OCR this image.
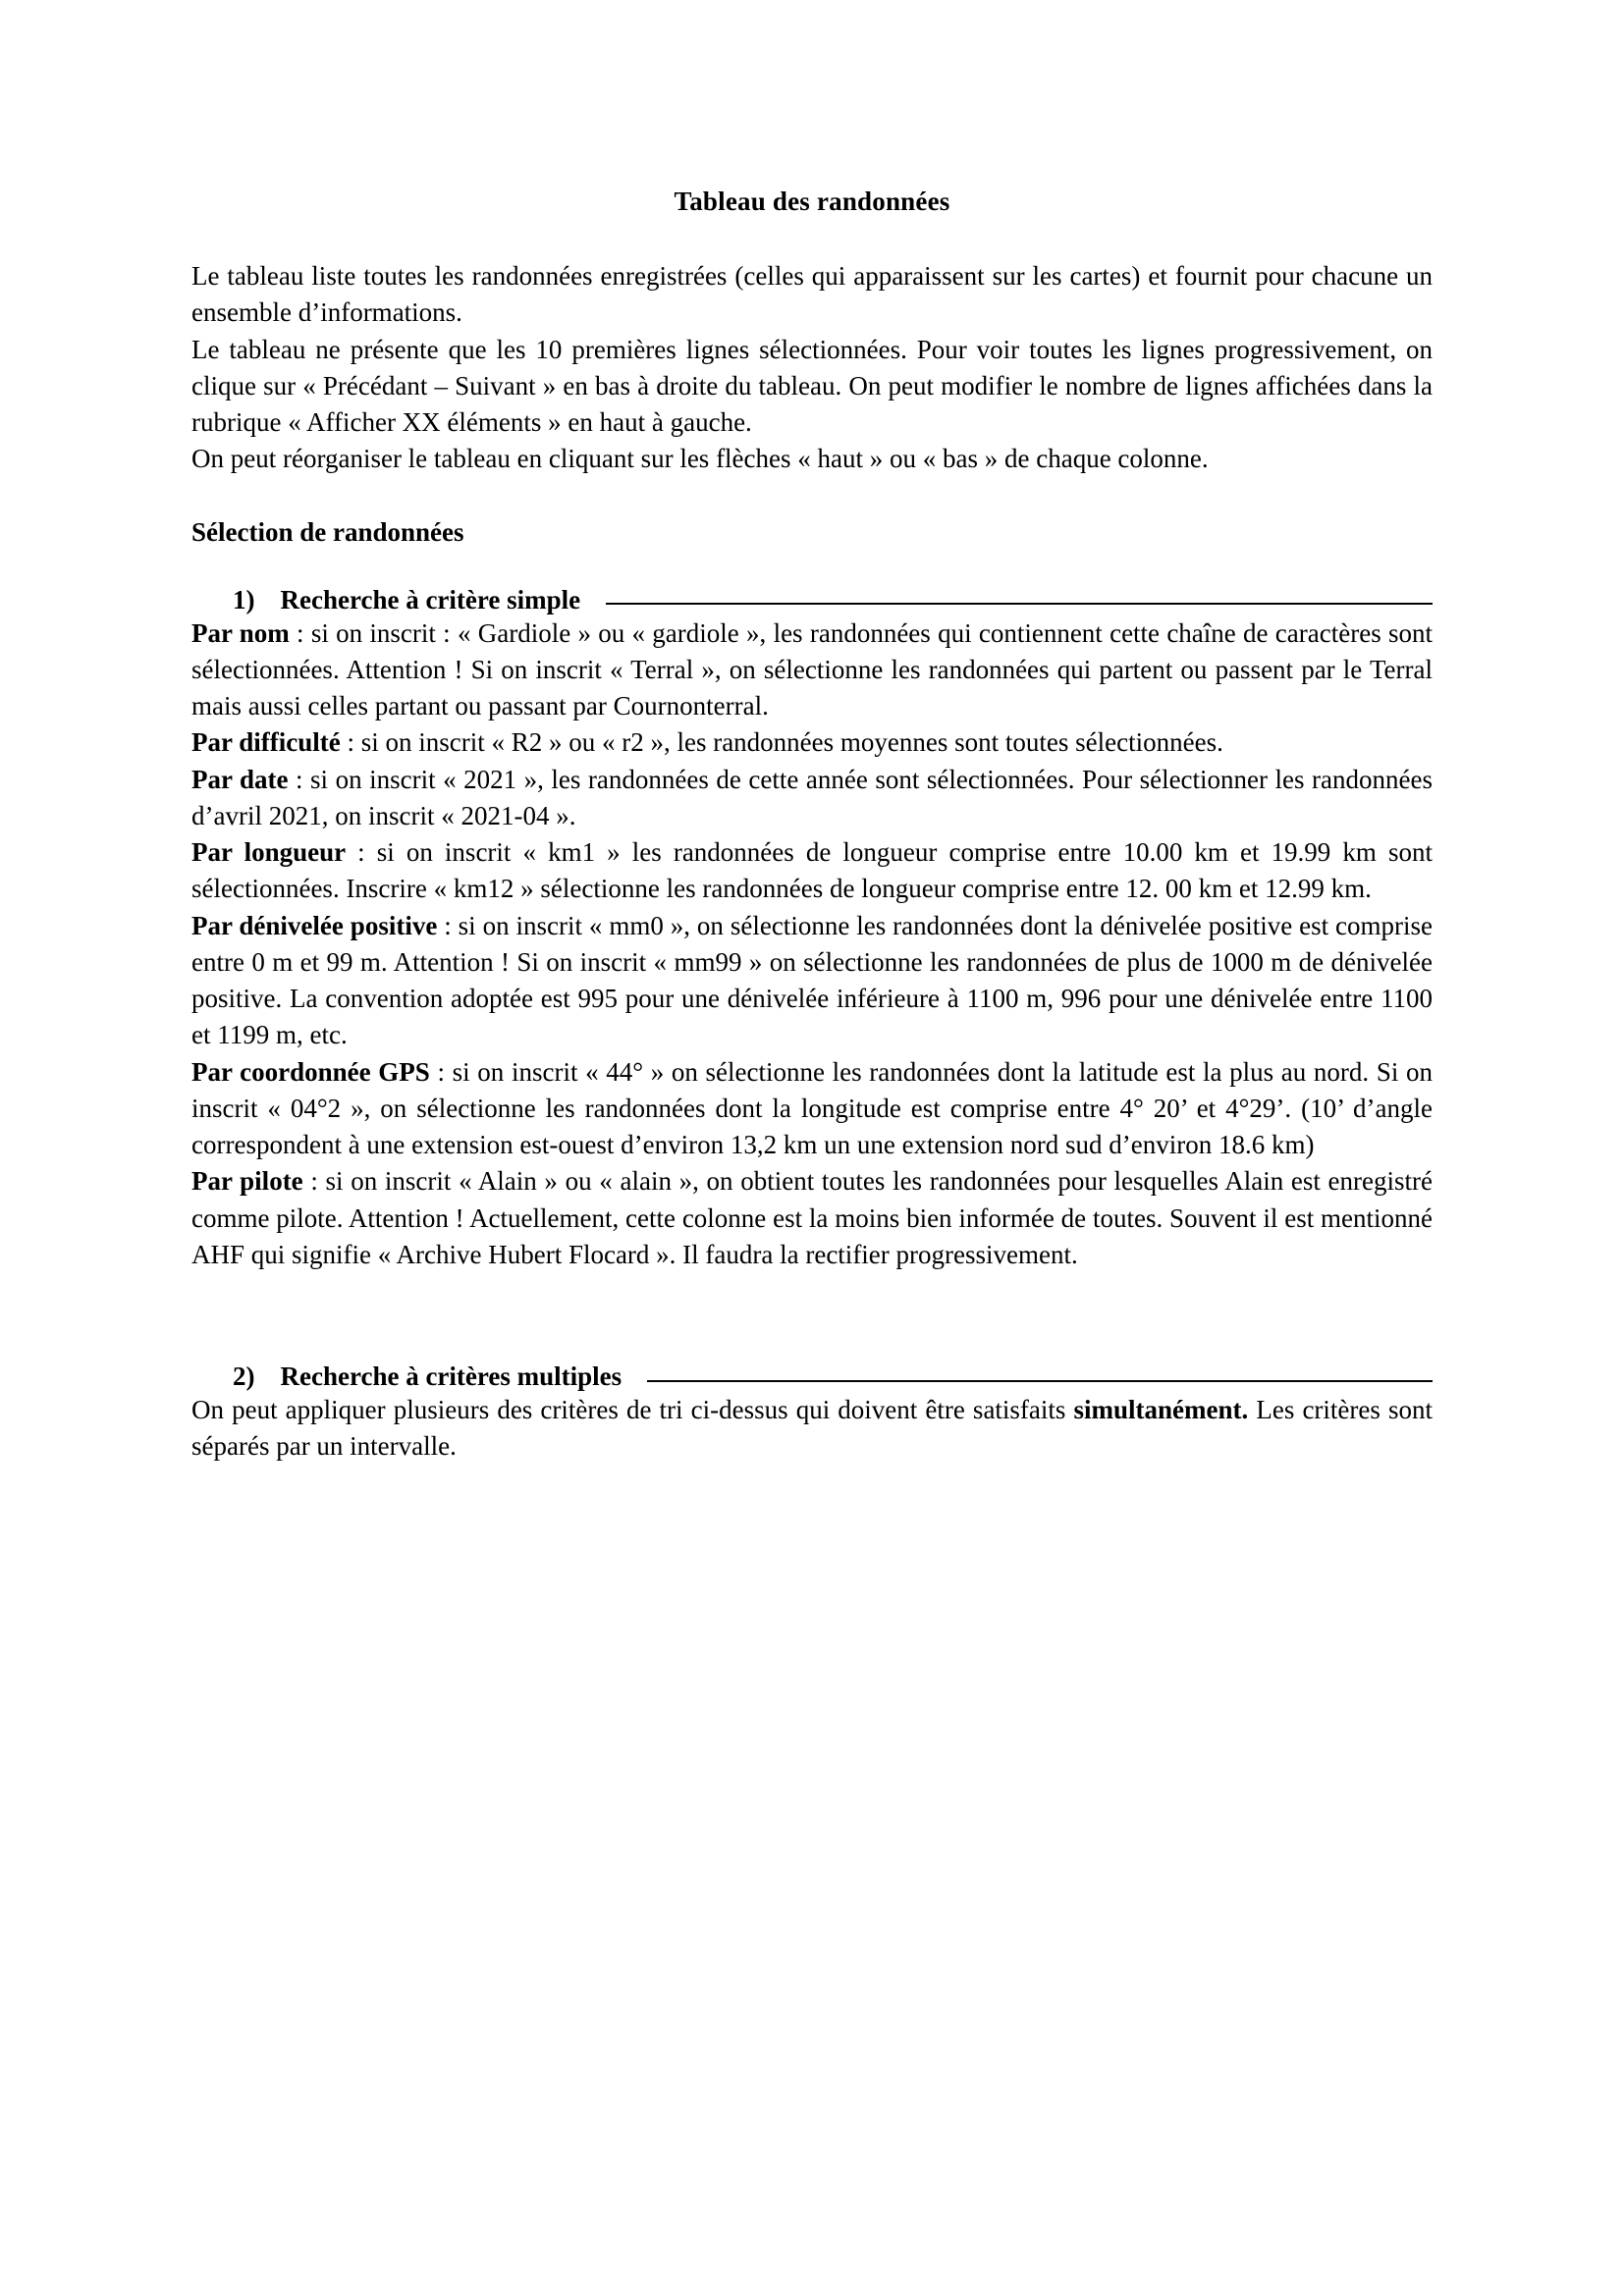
Tableau des randonnées

Le tableau liste toutes les randonnées enregistrées (celles qui apparaissent sur les cartes) et fournit pour chacune un ensemble d’informations.

Le tableau ne présente que les 10 premières lignes sélectionnées. Pour voir toutes les lignes progressivement, on clique sur « Précédant – Suivant » en bas à droite du tableau. On peut modifier le nombre de lignes affichées dans la rubrique « Afficher XX éléments » en haut à gauche.

On peut réorganiser le tableau en cliquant sur les flèches « haut » ou « bas » de chaque colonne.

Sélection de randonnées

1) Recherche à critère simple

Par nom : si on inscrit : « Gardiole » ou « gardiole », les randonnées qui contiennent cette chaîne de caractères sont sélectionnées. Attention ! Si on inscrit « Terral », on sélectionne les randonnées qui partent ou passent par le Terral mais aussi celles partant ou passant par Cournonterral.

Par difficulté : si on inscrit « R2 » ou « r2 », les randonnées moyennes sont toutes sélectionnées.

Par date : si on inscrit « 2021 », les randonnées de cette année sont sélectionnées. Pour sélectionner les randonnées d’avril 2021, on inscrit « 2021-04 ».

Par longueur : si on inscrit « km1 » les randonnées de longueur comprise entre 10.00 km et 19.99 km sont sélectionnées. Inscrire « km12 » sélectionne les randonnées de longueur comprise entre 12. 00 km et 12.99 km.

Par dénivelée positive : si on inscrit « mm0 », on sélectionne les randonnées dont la dénivelée positive est comprise entre 0 m et 99 m. Attention ! Si on inscrit « mm99 » on sélectionne les randonnées de plus de 1000 m de dénivelée positive. La convention adoptée est 995 pour une dénivelée inférieure à 1100 m, 996 pour une dénivelée entre 1100 et 1199 m, etc.

Par coordonnée GPS : si on inscrit « 44° » on sélectionne les randonnées dont la latitude est la plus au nord. Si on inscrit « 04°2 », on sélectionne les randonnées dont la longitude est comprise entre 4° 20’ et 4°29’. (10’ d’angle correspondent à une extension est-ouest d’environ 13,2 km un une extension nord sud d’environ 18.6 km)

Par pilote : si on inscrit « Alain » ou « alain », on obtient toutes les randonnées pour lesquelles Alain est enregistré comme pilote. Attention ! Actuellement, cette colonne est la moins bien informée de toutes. Souvent il est mentionné AHF qui signifie « Archive Hubert Flocard ». Il faudra la rectifier progressivement.

2) Recherche à critères multiples

On peut appliquer plusieurs des critères de tri ci-dessus qui doivent être satisfaits simultanément. Les critères sont séparés par un intervalle.
